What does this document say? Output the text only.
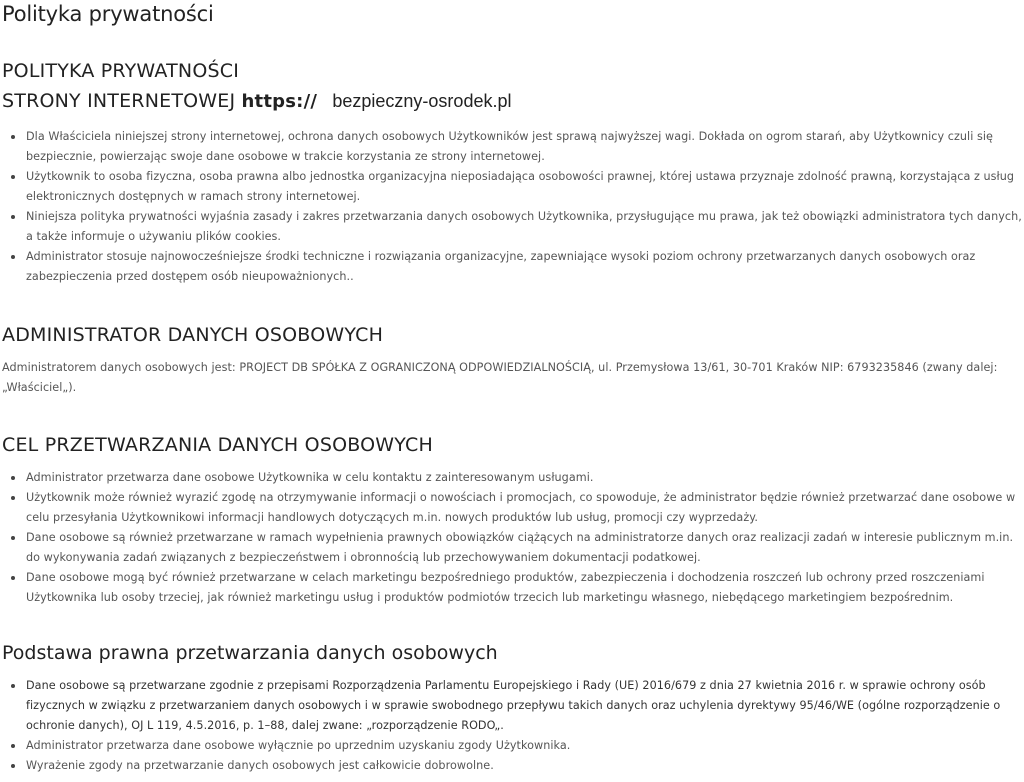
Polityka prywatności
POLITYKA PRYWATNOŚCI
STRONY INTERNETOWEJ https:// bezpieczny-osrodek.pl
Dla Właściciela niniejszej strony internetowej, ochrona danych osobowych Użytkowników jest sprawą najwyższej wagi. Dokłada on ogrom starań, aby Użytkownicy czuli się bezpiecznie, powierzając swoje dane osobowe w trakcie korzystania ze strony internetowej.
Użytkownik to osoba fizyczna, osoba prawna albo jednostka organizacyjna nieposiadająca osobowości prawnej, której ustawa przyznaje zdolność prawną, korzystająca z usług elektronicznych dostępnych w ramach strony internetowej.
Niniejsza polityka prywatności wyjaśnia zasady i zakres przetwarzania danych osobowych Użytkownika, przysługujące mu prawa, jak też obowiązki administratora tych danych, a także informuje o używaniu plików cookies.
Administrator stosuje najnowocześniejsze środki techniczne i rozwiązania organizacyjne, zapewniające wysoki poziom ochrony przetwarzanych danych osobowych oraz zabezpieczenia przed dostępem osób nieupoważnionych..
ADMINISTRATOR DANYCH OSOBOWYCH

Administratorem danych osobowych jest: PROJECT DB SPÓŁKA Z OGRANICZONĄ ODPOWIEDZIALNOŚCIĄ, ul. Przemysłowa 13/61, 30-701 Kraków NIP: 6793235846 (zwany dalej: „Właściciel„).

CEL PRZETWARZANIA DANYCH OSOBOWYCH
Administrator przetwarza dane osobowe Użytkownika w celu kontaktu z zainteresowanym usługami.
Użytkownik może również wyrazić zgodę na otrzymywanie informacji o nowościach i promocjach, co spowoduje, że administrator będzie również przetwarzać dane osobowe w celu przesyłania Użytkownikowi informacji handlowych dotyczących m.in. nowych produktów lub usług, promocji czy wyprzedaży.
Dane osobowe są również przetwarzane w ramach wypełnienia prawnych obowiązków ciążących na administratorze danych oraz realizacji zadań w interesie publicznym m.in. do wykonywania zadań związanych z bezpieczeństwem i obronnością lub przechowywaniem dokumentacji podatkowej.
Dane osobowe mogą być również przetwarzane w celach marketingu bezpośredniego produktów, zabezpieczenia i dochodzenia roszczeń lub ochrony przed roszczeniami Użytkownika lub osoby trzeciej, jak również marketingu usług i produktów podmiotów trzecich lub marketingu własnego, niebędącego marketingiem bezpośrednim.
Podstawa prawna przetwarzania danych osobowych
Dane osobowe są przetwarzane zgodnie z przepisami Rozporządzenia Parlamentu Europejskiego i Rady (UE) 2016/679 z dnia 27 kwietnia 2016 r. w sprawie ochrony osób fizycznych w związku z przetwarzaniem danych osobowych i w sprawie swobodnego przepływu takich danych oraz uchylenia dyrektywy 95/46/WE (ogólne rozporządzenie o ochronie danych), OJ L 119, 4.5.2016, p. 1–88, dalej zwane: „rozporządzenie RODO„.
Administrator przetwarza dane osobowe wyłącznie po uprzednim uzyskaniu zgody Użytkownika.
Wyrażenie zgody na przetwarzanie danych osobowych jest całkowicie dobrowolne.
